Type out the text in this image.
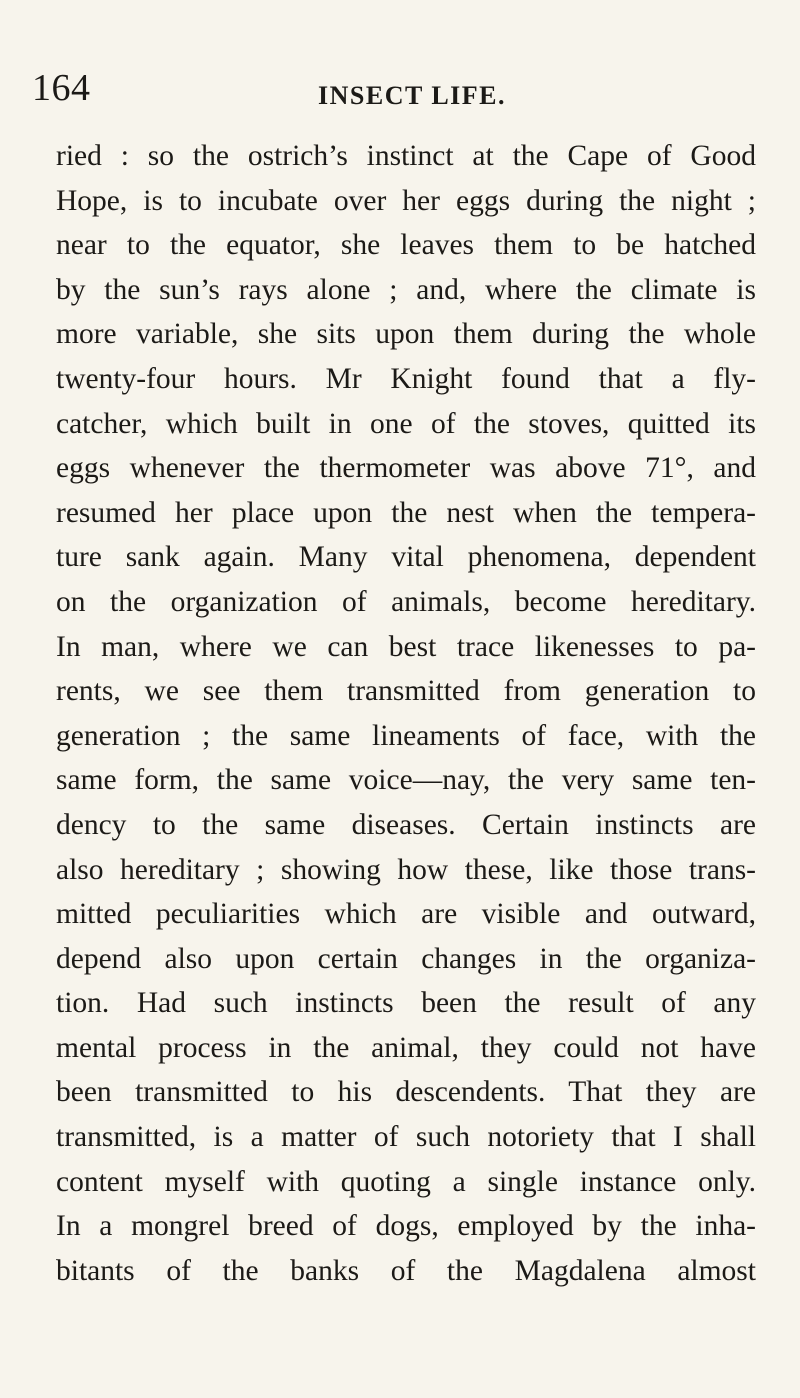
164	INSECT LIFE.
ried : so the ostrich’s instinct at the Cape of Good
Hope, is to incubate over her eggs during the night ;
near to the equator, she leaves them to be hatched
by the sun’s rays alone ; and, where the climate is
more variable, she sits upon them during the whole
twenty-four hours. Mr Knight found that a fly-
catcher, which built in one of the stoves, quitted its
eggs whenever the thermometer was above 71°, and
resumed her place upon the nest when the tempera-
ture sank again. Many vital phenomena, dependent
on the organization of animals, become hereditary.
In man, where we can best trace likenesses to pa-
rents, we see them transmitted from generation to
generation ; the same lineaments of face, with the
same form, the same voice—nay, the very same ten-
dency to the same diseases. Certain instincts are
also hereditary ; showing how these, like those trans-
mitted peculiarities which are visible and outward,
depend also upon certain changes in the organiza-
tion. Had such instincts been the result of any
mental process in the animal, they could not have
been transmitted to his descendents. That they are
transmitted, is a matter of such notoriety that I shall
content myself with quoting a single instance only.
In a mongrel breed of dogs, employed by the inha-
bitants of the banks of the Magdalena almost
